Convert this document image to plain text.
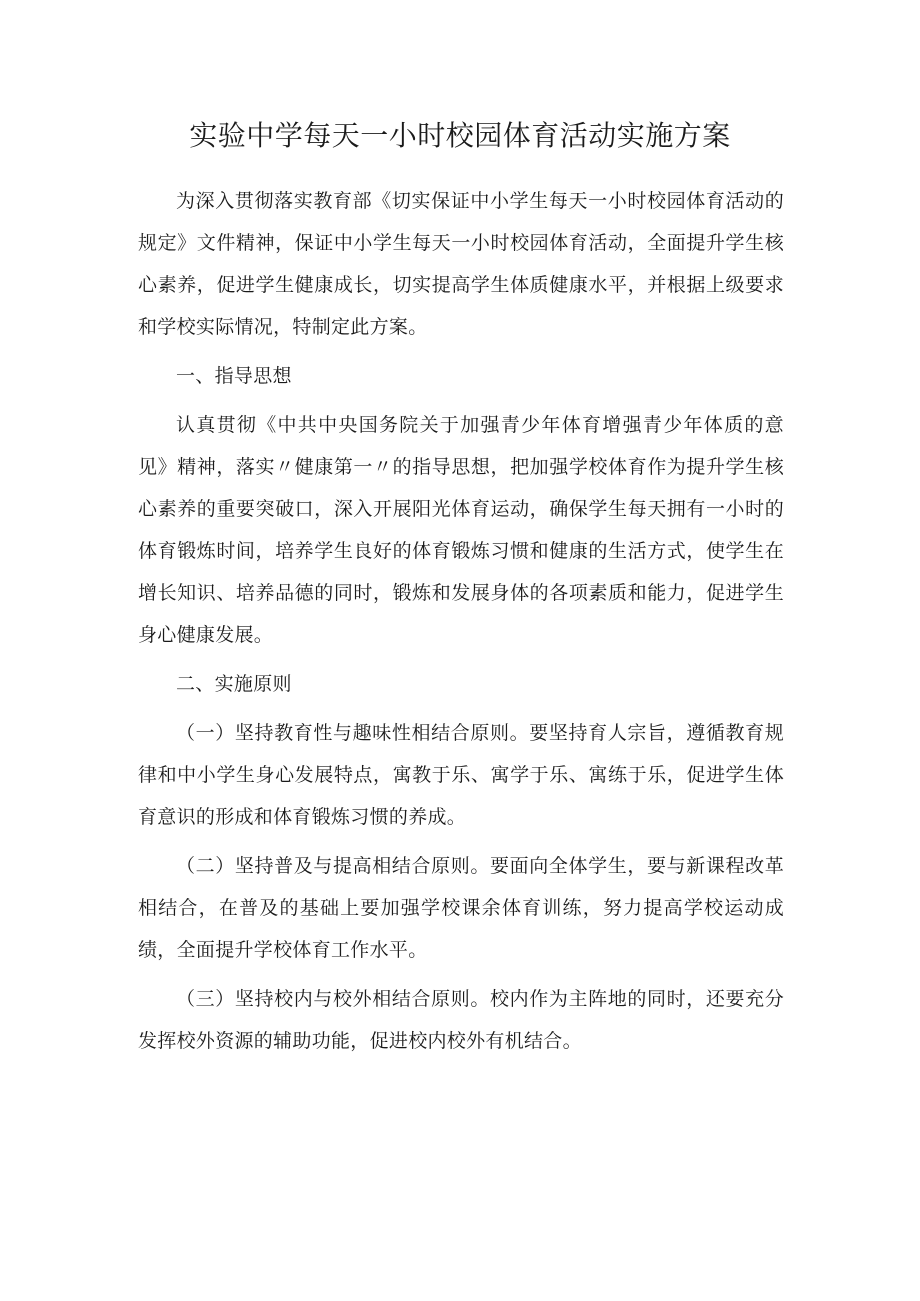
实验中学每天一小时校园体育活动实施方案

为深入贯彻落实教育部《切实保证中小学生每天一小时校园体育活动的规定》文件精神，保证中小学生每天一小时校园体育活动，全面提升学生核心素养，促进学生健康成长，切实提高学生体质健康水平，并根据上级要求和学校实际情况，特制定此方案。

一、指导思想

认真贯彻《中共中央国务院关于加强青少年体育增强青少年体质的意见》精神，落实〃健康第一〃的指导思想，把加强学校体育作为提升学生核心素养的重要突破口，深入开展阳光体育运动，确保学生每天拥有一小时的体育锻炼时间，培养学生良好的体育锻炼习惯和健康的生活方式，使学生在增长知识、培养品德的同时，锻炼和发展身体的各项素质和能力，促进学生身心健康发展。

二、实施原则

（一）坚持教育性与趣味性相结合原则。要坚持育人宗旨，遵循教育规律和中小学生身心发展特点，寓教于乐、寓学于乐、寓练于乐，促进学生体育意识的形成和体育锻炼习惯的养成。

（二）坚持普及与提高相结合原则。要面向全体学生，要与新课程改革相结合，在普及的基础上要加强学校课余体育训练，努力提高学校运动成绩，全面提升学校体育工作水平。

（三）坚持校内与校外相结合原则。校内作为主阵地的同时，还要充分发挥校外资源的辅助功能，促进校内校外有机结合。
